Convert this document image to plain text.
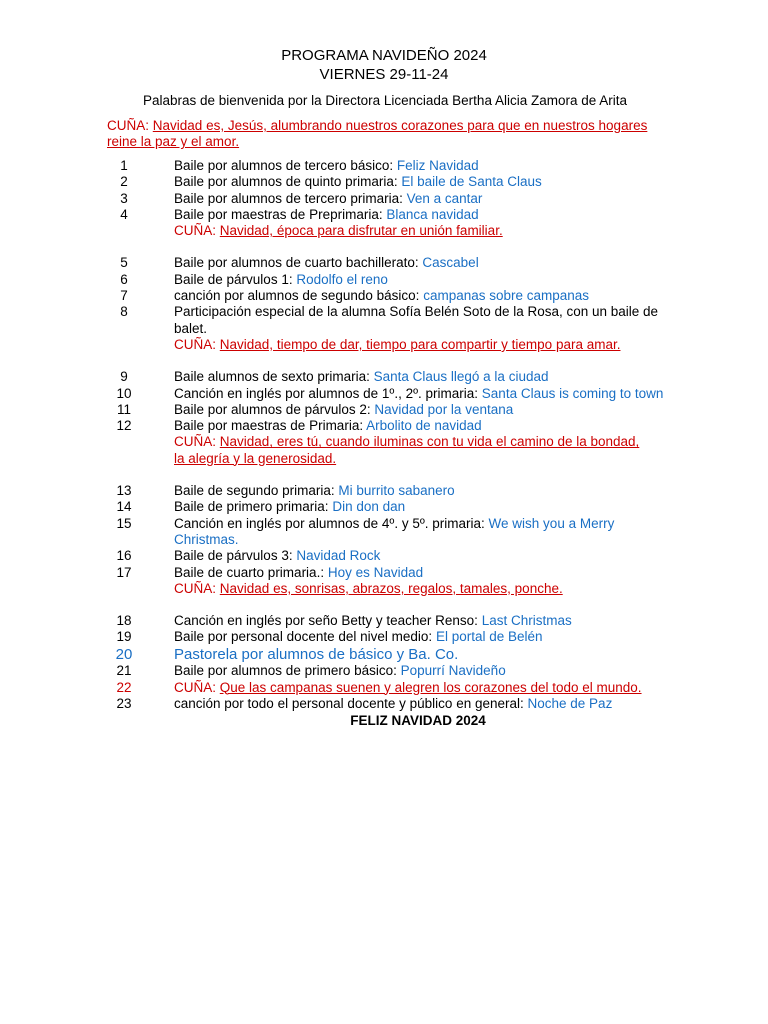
PROGRAMA NAVIDEÑO 2024
VIERNES 29-11-24
Palabras de bienvenida por la Directora Licenciada Bertha Alicia Zamora de Arita
CUÑA: Navidad es, Jesús, alumbrando nuestros corazones para que en nuestros hogares reine la paz y el amor.
1	Baile por alumnos de tercero básico: Feliz Navidad
2	Baile por alumnos de quinto primaria: El baile de Santa Claus
3	Baile por alumnos de tercero primaria: Ven a cantar
4	Baile por maestras de Preprimaria: Blanca navidad
CUÑA: Navidad, época para disfrutar en unión familiar.
5	Baile por alumnos de cuarto bachillerato: Cascabel
6	Baile de párvulos 1: Rodolfo el reno
7	canción por alumnos de segundo básico: campanas sobre campanas
8	Participación especial de la alumna Sofía Belén Soto de la Rosa, con un baile de balet.
CUÑA: Navidad, tiempo de dar, tiempo para compartir y tiempo para amar.
9	Baile alumnos de sexto primaria: Santa Claus llegó a la ciudad
10	Canción en inglés por alumnos de 1º., 2º. primaria: Santa Claus is coming to town
11	Baile por alumnos de párvulos 2: Navidad por la ventana
12	Baile por maestras de Primaria: Arbolito de navidad
CUÑA: Navidad, eres tú, cuando iluminas con tu vida el camino de la bondad, la alegría y la generosidad.
13	Baile de segundo primaria: Mi burrito sabanero
14	Baile de primero primaria: Din don dan
15	Canción en inglés por alumnos de 4º. y 5º. primaria: We wish you a Merry Christmas.
16	Baile de párvulos 3: Navidad Rock
17	Baile de cuarto primaria.: Hoy es Navidad
CUÑA: Navidad es, sonrisas, abrazos, regalos, tamales, ponche.
18	Canción en inglés por seño Betty y teacher Renso: Last Christmas
19	Baile por personal docente del nivel medio: El portal de Belén
20	Pastorela por alumnos de básico y Ba. Co.
21	Baile por alumnos de primero básico: Popurrí Navideño
22	CUÑA: Que las campanas suenen y alegren los corazones del todo el mundo.
23	canción por todo el personal docente y público en general: Noche de Paz
FELIZ NAVIDAD 2024
